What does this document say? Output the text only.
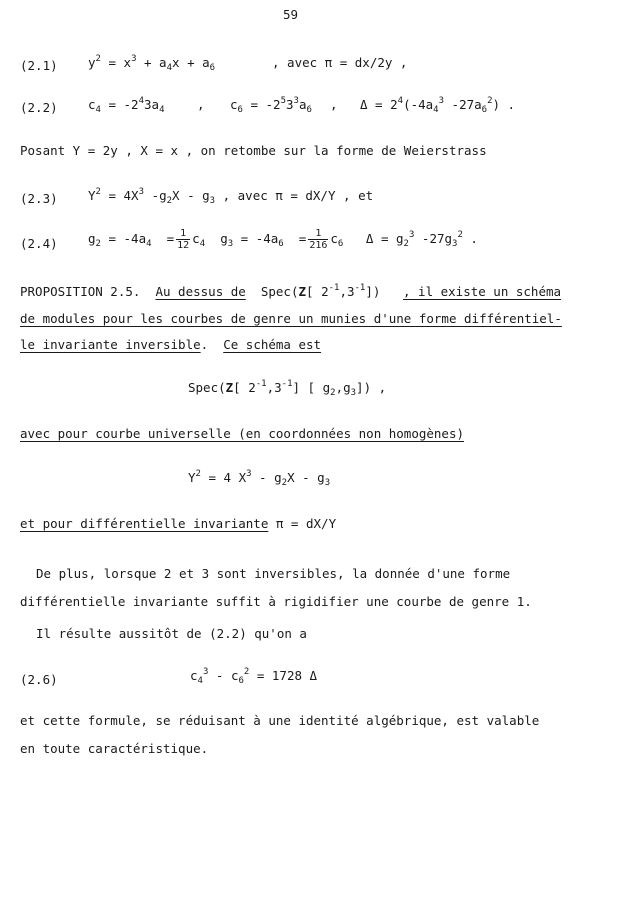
59
(2.1) $y^2 = x^3 + a_4x + a_6$	, avec π = dx/2y ,
(2.2) $c_4 = -2^43a_4$	, $c_6 = -2^53^3a_6$ , $\Delta = 2^4(-4a_4^3$ $-27a_6^2$) .
Posant Y = 2y , X = x , on retombe sur la forme de Weierstrass
(2.3) $Y^2 = 4X^3$ $-g_2X - g_3$ , avec π = dX/Y , et
(2.4) $g_2 = -4a_4 = \frac{1}{12} c_4$ $g_3 = -4a_6 = \frac{1}{216} c_6$ $\Delta = g_2^3$ $-27g_3^2$ .
PROPOSITION 2.5. Au dessus de Spec(Z[ $2^{-1},3^{-1}$]) , il existe un schéma
de modules pour les courbes de genre un munies d'une forme différentiel-
le invariante inversible. Ce schéma est
Spec(Z[ $2^{-1},3^{-1}$] [ $g_2,g_3$]) ,
avec pour courbe universelle (en coordonnées non homogènes)
$Y^2 = 4$ $X^3 - g_2X - g_3$
et pour différentielle invariante π = dX/Y
De plus, lorsque 2 et 3 sont inversibles, la donnée d'une forme
différentielle invariante suffit à rigidifier une courbe de genre 1.
Il résulte aussitôt de (2.2) qu'on a
(2.6)	$c_4^3 - c_6^2 = 1728$ Δ
et cette formule, se réduisant à une identité algébrique, est valable
en toute caractéristique.
